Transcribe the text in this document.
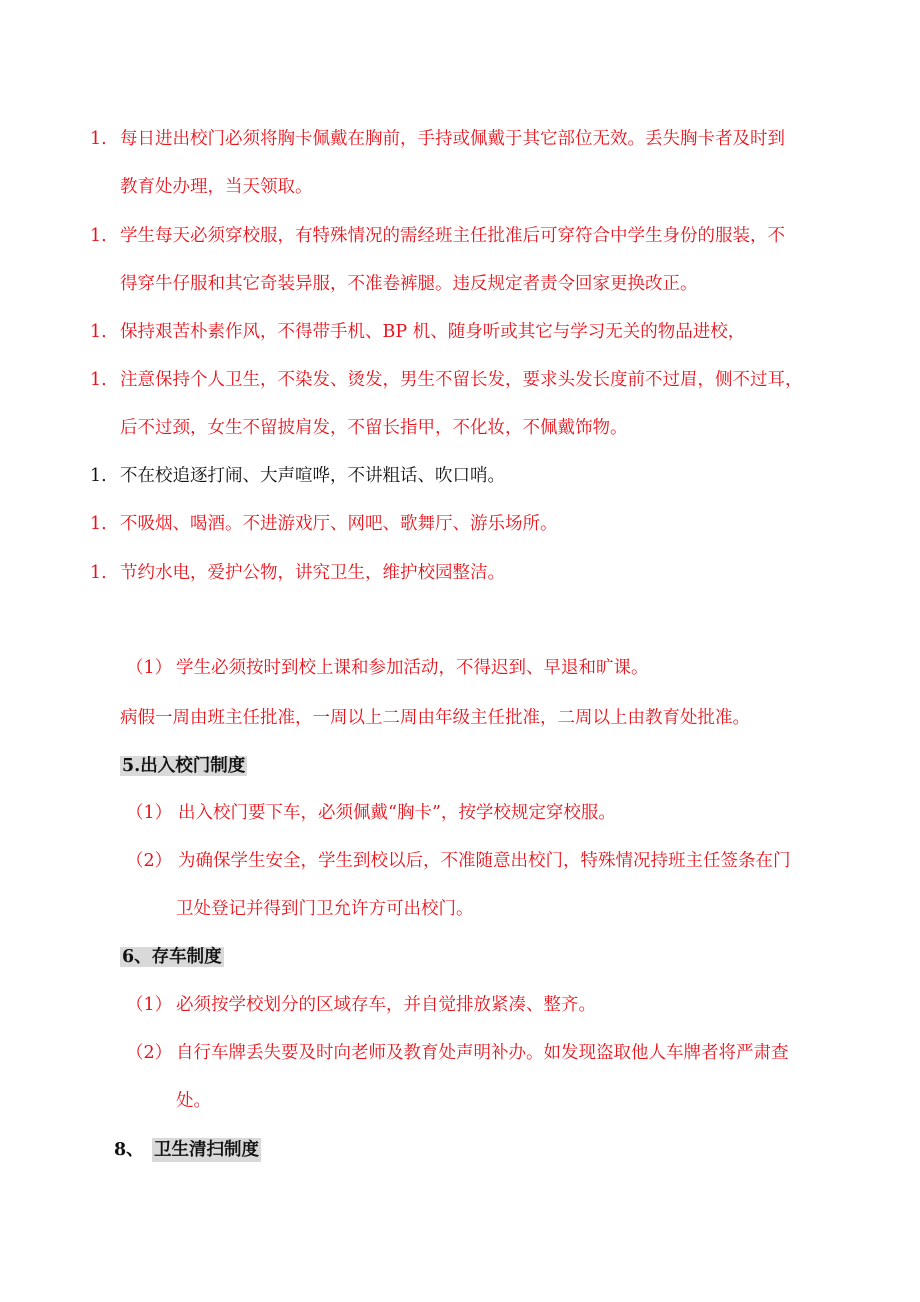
1. 每日进出校门必须将胸卡佩戴在胸前，手持或佩戴于其它部位无效。丢失胸卡者及时到
教育处办理，当天领取。
1. 学生每天必须穿校服，有特殊情况的需经班主任批准后可穿符合中学生身份的服装，不
得穿牛仔服和其它奇装异服，不准卷裤腿。违反规定者责令回家更换改正。
1. 保持艰苦朴素作风，不得带手机、BP 机、随身听或其它与学习无关的物品进校，
1. 注意保持个人卫生，不染发、烫发，男生不留长发，要求头发长度前不过眉，侧不过耳，
后不过颈，女生不留披肩发，不留长指甲，不化妆，不佩戴饰物。
1. 不在校追逐打闹、大声喧哗，不讲粗话、吹口哨。
1. 不吸烟、喝酒。不进游戏厅、网吧、歌舞厅、游乐场所。
1. 节约水电，爱护公物，讲究卫生，维护校园整洁。
（1） 学生必须按时到校上课和参加活动，不得迟到、早退和旷课。
病假一周由班主任批准，一周以上二周由年级主任批准，二周以上由教育处批准。
5.出入校门制度
（1） 出入校门要下车，必须佩戴“胸卡”，按学校规定穿校服。
（2） 为确保学生安全，学生到校以后，不准随意出校门，特殊情况持班主任签条在门
卫处登记并得到门卫允许方可出校门。
6、存车制度
（1） 必须按学校划分的区域存车，并自觉排放紧凑、整齐。
（2） 自行车牌丢失要及时向老师及教育处声明补办。如发现盗取他人车牌者将严肃查
处。
8、 卫生清扫制度
